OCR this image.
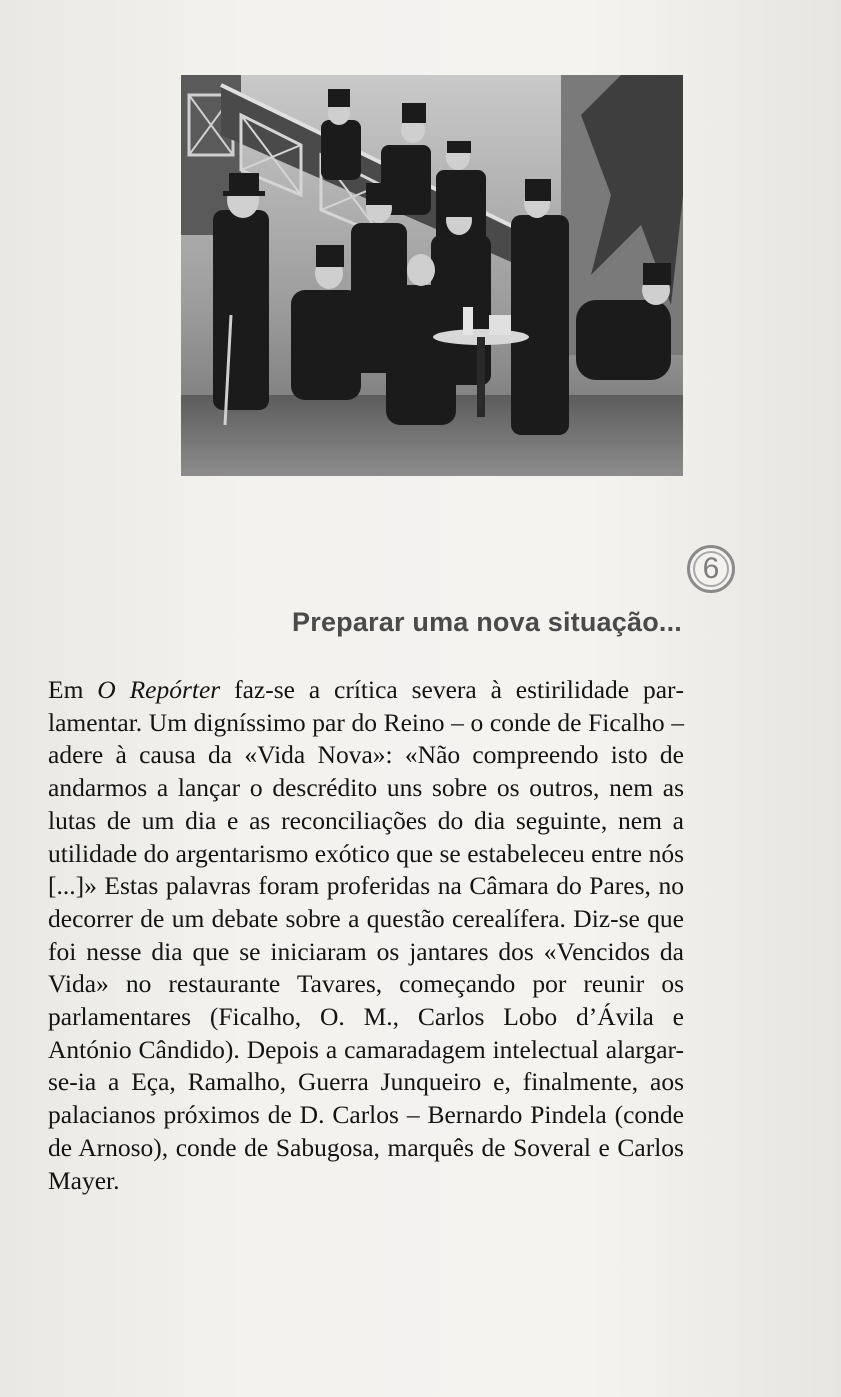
6
Preparar uma nova situação...

Em O Repórter faz-se a crítica severa à estirilidade parlamentar. Um digníssimo par do Reino – o conde de Ficalho – adere à causa da «Vida Nova»: «Não compreendo isto de andarmos a lançar o descrédito uns sobre os outros, nem as lutas de um dia e as reconciliações do dia seguinte, nem a utilidade do argentarismo exótico que se estabeleceu entre nós [...]» Estas palavras foram proferidas na Câmara do Pares, no decorrer de um debate sobre a questão cerealífera. Diz-se que foi nesse dia que se iniciaram os jantares dos «Vencidos da Vida» no restaurante Tavares, começando por reunir os parlamentares (Ficalho, O. M., Carlos Lobo d’Ávila e António Cândido). Depois a camaradagem intelectual alargar-se-ia a Eça, Ramalho, Guerra Junqueiro e, finalmente, aos palacianos próximos de D. Carlos – Bernardo Pindela (conde de Arnoso), conde de Sabugosa, marquês de Soveral e Carlos Mayer.
